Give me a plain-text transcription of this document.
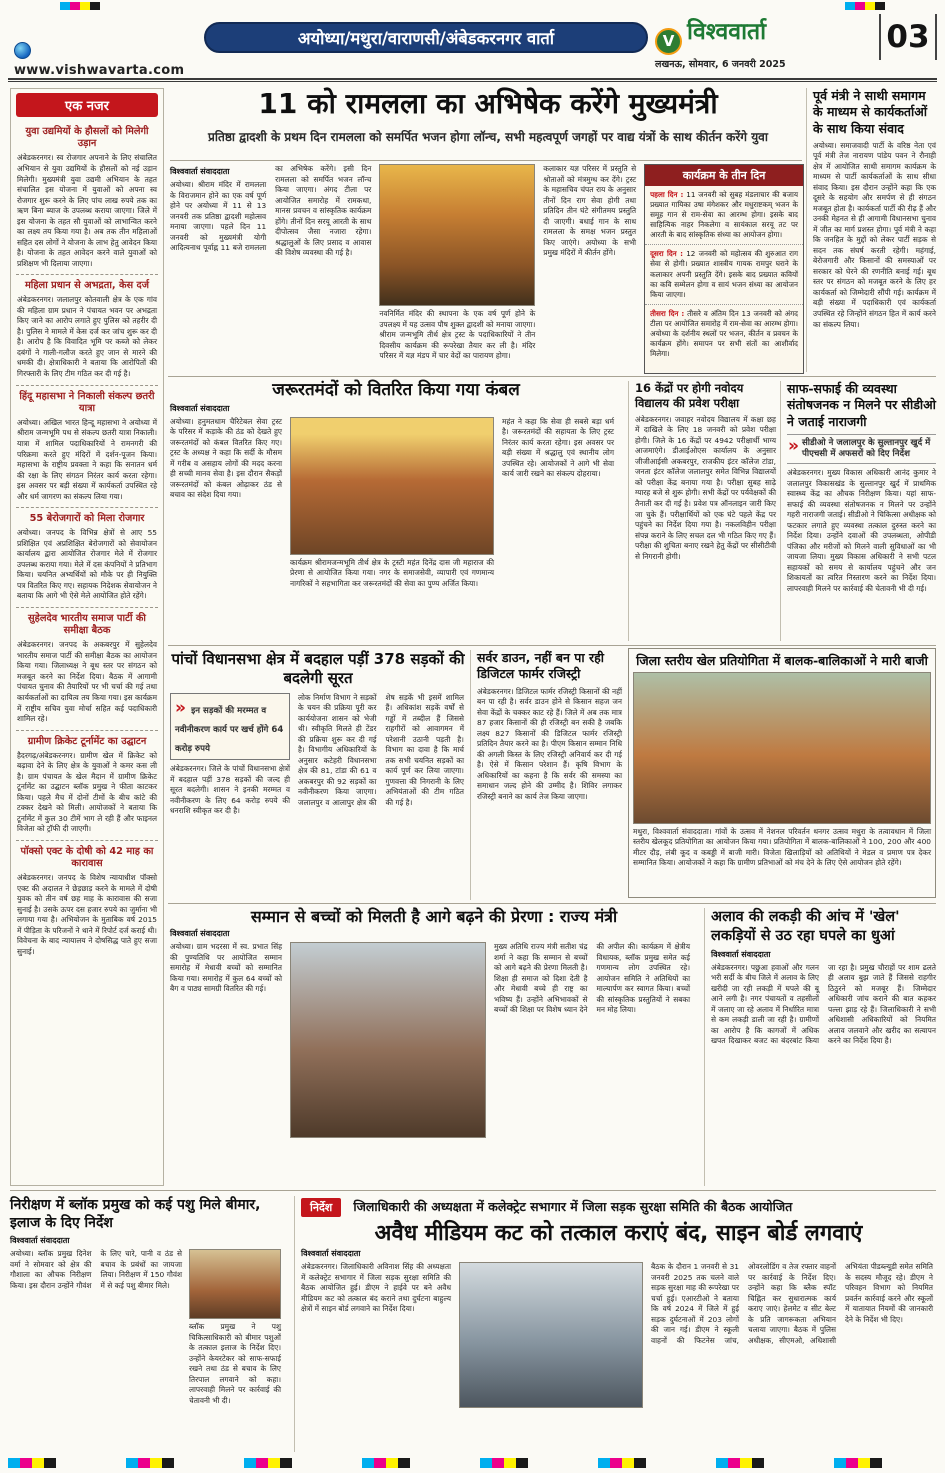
www.vishwavarta.com
अयोध्या/मथुरा/वाराणसी/अंबेडकरनगर वार्ता	V विश्ववार्ता
लखनऊ, सोमवार, 6 जनवरी 2025
03
एक नजर
युवा उद्यमियों के हौसलों को मिलेगी उड़ान
अंबेडकरनगर। स्व रोजगार अपनाने के लिए संचालित अभियान से युवा उद्यमियों के हौसलों को नई उड़ान मिलेगी। मुख्यमंत्री युवा उद्यमी अभियान के तहत संचालित इस योजना में युवाओं को अपना स्व रोजगार शुरू करने के लिए पांच लाख रुपये तक का ऋण बिना ब्याज के उपलब्ध कराया जाएगा। जिले में इस योजना के तहत सौ युवाओं को लाभान्वित करने का लक्ष्य तय किया गया है। अब तक तीन महिलाओं सहित दस लोगों ने योजना के लाभ हेतु आवेदन किया है। योजना के तहत आवेदन करने वाले युवाओं को प्रशिक्षण भी दिलाया जाएगा।
महिला प्रधान से अभद्रता, केस दर्ज
अंबेडकरनगर। जलालपुर कोतवाली क्षेत्र के एक गांव की महिला ग्राम प्रधान ने पंचायत भवन पर अभद्रता किए जाने का आरोप लगाते हुए पुलिस को तहरीर दी है। पुलिस ने मामले में केस दर्ज कर जांच शुरू कर दी है। आरोप है कि विवादित भूमि पर कब्जे को लेकर दबंगों ने गाली-गलौज करते हुए जान से मारने की धमकी दी। क्षेत्राधिकारी ने बताया कि आरोपितों की गिरफ्तारी के लिए टीम गठित कर दी गई है।
हिंदू महासभा ने निकाली संकल्प छतरी यात्रा
अयोध्या। अखिल भारत हिन्दू महासभा ने अयोध्या में श्रीराम जन्मभूमि पथ से संकल्प छतरी यात्रा निकाली। यात्रा में शामिल पदाधिकारियों ने रामनगरी की परिक्रमा करते हुए मंदिरों में दर्शन-पूजन किया। महासभा के राष्ट्रीय प्रवक्ता ने कहा कि सनातन धर्म की रक्षा के लिए संगठन निरंतर कार्य करता रहेगा। इस अवसर पर बड़ी संख्या में कार्यकर्ता उपस्थित रहे और धर्म जागरण का संकल्प लिया गया।
55 बेरोजगारों को मिला रोजगार
अयोध्या। जनपद के विभिन्न क्षेत्रों से आए 55 प्रशिक्षित एवं अप्रशिक्षित बेरोजगारों को सेवायोजन कार्यालय द्वारा आयोजित रोजगार मेले में रोजगार उपलब्ध कराया गया। मेले में दस कंपनियों ने प्रतिभाग किया। चयनित अभ्यर्थियों को मौके पर ही नियुक्ति पत्र वितरित किए गए। सहायक निदेशक सेवायोजन ने बताया कि आगे भी ऐसे मेले आयोजित होते रहेंगे।
सुहेलदेव भारतीय समाज पार्टी की समीक्षा बैठक
अंबेडकरनगर। जनपद के अकबरपुर में सुहेलदेव भारतीय समाज पार्टी की समीक्षा बैठक का आयोजन किया गया। जिलाध्यक्ष ने बूथ स्तर पर संगठन को मजबूत करने का निर्देश दिया। बैठक में आगामी पंचायत चुनाव की तैयारियों पर भी चर्चा की गई तथा कार्यकर्ताओं का दायित्व तय किया गया। इस कार्यक्रम में राष्ट्रीय सचिव युवा मोर्चा सहित कई पदाधिकारी शामिल रहे।
ग्रामीण क्रिकेट टूर्नामेंट का उद्घाटन
हैदरगढ़/अंबेडकरनगर। ग्रामीण खेल में क्रिकेट को बढ़ावा देने के लिए क्षेत्र के युवाओं ने कमर कस ली है। ग्राम पंचायत के खेल मैदान में ग्रामीण क्रिकेट टूर्नामेंट का उद्घाटन ब्लॉक प्रमुख ने फीता काटकर किया। पहले मैच में दोनों टीमों के बीच कांटे की टक्कर देखने को मिली। आयोजकों ने बताया कि टूर्नामेंट में कुल 30 टीमें भाग ले रही हैं और फाइनल विजेता को ट्रॉफी दी जाएगी।
पॉक्सो एक्ट के दोषी को 42 माह का कारावास
अंबेडकरनगर। जनपद के विशेष न्यायाधीश पॉक्सो एक्ट की अदालत ने छेड़छाड़ करने के मामले में दोषी युवक को तीन वर्ष छह माह के कारावास की सजा सुनाई है। उसके ऊपर दस हजार रुपये का जुर्माना भी लगाया गया है। अभियोजन के मुताबिक वर्ष 2015 में पीड़िता के परिजनों ने थाने में रिपोर्ट दर्ज कराई थी। विवेचना के बाद न्यायालय ने दोषसिद्ध पाते हुए सजा सुनाई।
11 को रामलला का अभिषेक करेंगे मुख्यमंत्री
प्रतिष्ठा द्वादशी के प्रथम दिन रामलला को समर्पित भजन होगा लॉन्च, सभी महत्वपूर्ण जगहों पर वाद्य यंत्रों के साथ कीर्तन करेंगे युवा
विश्ववार्ता संवाददाता
अयोध्या। श्रीराम मंदिर में रामलला के विराजमान होने का एक वर्ष पूर्ण होने पर अयोध्या में 11 से 13 जनवरी तक प्रतिष्ठा द्वादशी महोत्सव मनाया जाएगा। पहले दिन 11 जनवरी को मुख्यमंत्री योगी आदित्यनाथ पूर्वाह्न 11 बजे रामलला का अभिषेक करेंगे। इसी दिन रामलला को समर्पित भजन लॉन्च किया जाएगा। अंगद टीला पर आयोजित समारोह में रामकथा, मानस प्रवचन व सांस्कृतिक कार्यक्रम होंगे। तीनों दिन सरयू आरती के साथ दीपोत्सव जैसा नजारा रहेगा। श्रद्धालुओं के लिए प्रसाद व आवास की विशेष व्यवस्था की गई है।
नवनिर्मित मंदिर की स्थापना के एक वर्ष पूर्ण होने के उपलक्ष्य में यह उत्सव पौष शुक्ल द्वादशी को मनाया जाएगा। श्रीराम जन्मभूमि तीर्थ क्षेत्र ट्रस्ट के पदाधिकारियों ने तीन दिवसीय कार्यक्रम की रूपरेखा तैयार कर ली है। मंदिर परिसर में यज्ञ मंडप में चार वेदों का पारायण होगा।
कलाकार यज्ञ परिसर में प्रस्तुति से श्रोताओं को मंत्रमुग्ध कर देंगे। ट्रस्ट के महासचिव चंपत राय के अनुसार तीनों दिन राग सेवा होगी तथा प्रतिदिन तीन घंटे संगीतमय प्रस्तुति दी जाएगी। बधाई गान के साथ रामलला के समक्ष भजन प्रस्तुत किए जाएंगे। अयोध्या के सभी प्रमुख मंदिरों में कीर्तन होंगे।
कार्यक्रम के तीन दिन
पहला दिन : 11 जनवरी को सुबह मंडलाचार की बजाय प्रख्यात गायिका उषा मंगेशकर और मधुराष्टकम् भजन के समूह गान से राम-सेवा का आरम्भ होगा। इसके बाद साहित्यिक नाहर निकलेगा व सायंकाल सरयू तट पर आरती के बाद सांस्कृतिक संध्या का आयोजन होगा।
दूसरा दिन : 12 जनवरी को महोत्सव की शुरुआत राग सेवा से होगी। प्रख्यात शास्त्रीय गायक रामपुर घराने के कलाकार अपनी प्रस्तुति देंगे। इसके बाद प्रख्यात कवियों का कवि सम्मेलन होगा व सायं भजन संध्या का आयोजन किया जाएगा।
तीसरा दिन : तीसरे व अंतिम दिन 13 जनवरी को अंगद टीला पर आयोजित समारोह में राम-सेवा का आरम्भ होगा। अयोध्या के दर्शनीय स्थलों पर भजन, कीर्तन व प्रवचन के कार्यक्रम होंगे। समापन पर सभी संतों का आशीर्वाद मिलेगा।
पूर्व मंत्री ने साथी समागम के माध्यम से कार्यकर्ताओं के साथ किया संवाद
अयोध्या। समाजवादी पार्टी के वरिष्ठ नेता एवं पूर्व मंत्री तेज नारायण पांडेय पवन ने रौनाही क्षेत्र में आयोजित साथी समागम कार्यक्रम के माध्यम से पार्टी कार्यकर्ताओं के साथ सीधा संवाद किया। इस दौरान उन्होंने कहा कि एक दूसरे के सहयोग और समर्पण से ही संगठन मजबूत होता है। कार्यकर्ता पार्टी की रीढ़ हैं और उनकी मेहनत से ही आगामी विधानसभा चुनाव में जीत का मार्ग प्रशस्त होगा। पूर्व मंत्री ने कहा कि जनहित के मुद्दों को लेकर पार्टी सड़क से सदन तक संघर्ष करती रहेगी। महंगाई, बेरोजगारी और किसानों की समस्याओं पर सरकार को घेरने की रणनीति बनाई गई। बूथ स्तर पर संगठन को मजबूत करने के लिए हर कार्यकर्ता को जिम्मेदारी सौंपी गई। कार्यक्रम में बड़ी संख्या में पदाधिकारी एवं कार्यकर्ता उपस्थित रहे जिन्होंने संगठन हित में कार्य करने का संकल्प लिया।
जरूरतमंदों को वितरित किया गया कंबल
विश्ववार्ता संवाददाता
अयोध्या। हनुमतधाम चैरिटेबल सेवा ट्रस्ट के परिसर में कड़ाके की ठंड को देखते हुए जरूरतमंदों को कंबल वितरित किए गए। ट्रस्ट के अध्यक्ष ने कहा कि सर्दी के मौसम में गरीब व असहाय लोगों की मदद करना ही सच्ची मानव सेवा है। इस दौरान सैकड़ों जरूरतमंदों को कंबल ओढ़ाकर ठंड से बचाव का संदेश दिया गया।
कार्यक्रम श्रीरामजन्मभूमि तीर्थ क्षेत्र के ट्रस्टी महंत दिनेंद्र दास जी महाराज की प्रेरणा से आयोजित किया गया। नगर के समाजसेवी, व्यापारी एवं गणमान्य नागरिकों ने सहभागिता कर जरूरतमंदों की सेवा का पुण्य अर्जित किया।
महंत ने कहा कि सेवा ही सबसे बड़ा धर्म है। जरूरतमंदों की सहायता के लिए ट्रस्ट निरंतर कार्य करता रहेगा। इस अवसर पर बड़ी संख्या में श्रद्धालु एवं स्थानीय लोग उपस्थित रहे। आयोजकों ने आगे भी सेवा कार्य जारी रखने का संकल्प दोहराया।
16 केंद्रों पर होगी नवोदय विद्यालय की प्रवेश परीक्षा
अंबेडकरनगर। जवाहर नवोदय विद्यालय में कक्षा छह में दाखिले के लिए 18 जनवरी को प्रवेश परीक्षा होगी। जिले के 16 केंद्रों पर 4942 परीक्षार्थी भाग्य आजमाएंगे। डीआईओएस कार्यालय के अनुसार जीजीआईसी अकबरपुर, राजकीय इंटर कॉलेज टांडा, जनता इंटर कॉलेज जलालपुर समेत विभिन्न विद्यालयों को परीक्षा केंद्र बनाया गया है। परीक्षा सुबह साढ़े ग्यारह बजे से शुरू होगी। सभी केंद्रों पर पर्यवेक्षकों की तैनाती कर दी गई है। प्रवेश पत्र ऑनलाइन जारी किए जा चुके हैं। परीक्षार्थियों को एक घंटे पहले केंद्र पर पहुंचने का निर्देश दिया गया है। नकलविहीन परीक्षा संपन्न कराने के लिए सचल दल भी गठित किए गए हैं। परीक्षा की शुचिता बनाए रखने हेतु केंद्रों पर सीसीटीवी से निगरानी होगी।
साफ-सफाई की व्यवस्था संतोषजनक न मिलने पर सीडीओ ने जताई नाराजगी
» सीडीओ ने जलालपुर के सुल्तानपुर खुर्द में पीएचसी में अफसरों को दिए निर्देश
अंबेडकरनगर। मुख्य विकास अधिकारी आनंद कुमार ने जलालपुर विकासखंड के सुल्तानपुर खुर्द में प्राथमिक स्वास्थ्य केंद्र का औचक निरीक्षण किया। यहां साफ-सफाई की व्यवस्था संतोषजनक न मिलने पर उन्होंने गहरी नाराजगी जताई। सीडीओ ने चिकित्सा अधीक्षक को फटकार लगाते हुए व्यवस्था तत्काल दुरुस्त करने का निर्देश दिया। उन्होंने दवाओं की उपलब्धता, ओपीडी पंजिका और मरीजों को मिलने वाली सुविधाओं का भी जायजा लिया। मुख्य विकास अधिकारी ने सभी पटल सहायकों को समय से कार्यालय पहुंचने और जन शिकायतों का त्वरित निस्तारण करने का निर्देश दिया। लापरवाही मिलने पर कार्रवाई की चेतावनी भी दी गई।
पांचों विधानसभा क्षेत्र में बदहाल पड़ीं 378 सड़कों की बदलेगी सूरत
» इन सड़कों की मरम्मत व नवीनीकरण कार्य पर खर्च होंगे 64 करोड़ रुपये
अंबेडकरनगर। जिले के पांचों विधानसभा क्षेत्रों में बदहाल पड़ीं 378 सड़कों की जल्द ही सूरत बदलेगी। शासन ने इनकी मरम्मत व नवीनीकरण के लिए 64 करोड़ रुपये की धनराशि स्वीकृत कर दी है।
लोक निर्माण विभाग ने सड़कों के चयन की प्रक्रिया पूरी कर कार्ययोजना शासन को भेजी थी। स्वीकृति मिलते ही टेंडर की प्रक्रिया शुरू कर दी गई है। विभागीय अधिकारियों के अनुसार कटेहरी विधानसभा क्षेत्र की 81, टांडा की 61 व अकबरपुर की 92 सड़कों का नवीनीकरण किया जाएगा। जलालपुर व आलापुर क्षेत्र की शेष सड़कें भी इसमें शामिल हैं। अधिकांश सड़कें वर्षों से गड्ढों में तब्दील हैं जिससे राहगीरों को आवागमन में परेशानी उठानी पड़ती है। विभाग का दावा है कि मार्च तक सभी चयनित सड़कों का कार्य पूर्ण कर लिया जाएगा। गुणवत्ता की निगरानी के लिए अभियंताओं की टीम गठित की गई है।
सर्वर डाउन, नहीं बन पा रही डिजिटल फार्मर रजिस्ट्री
अंबेडकरनगर। डिजिटल फार्मर रजिस्ट्री किसानों की नहीं बन पा रही है। सर्वर डाउन होने से किसान सहज जन सेवा केंद्रों के चक्कर काट रहे हैं। जिले में अब तक मात्र 87 हजार किसानों की ही रजिस्ट्री बन सकी है जबकि लक्ष्य 827 किसानों की डिजिटल फार्मर रजिस्ट्री प्रतिदिन तैयार करने का है। पीएम किसान सम्मान निधि की अगली किस्त के लिए रजिस्ट्री अनिवार्य कर दी गई है। ऐसे में किसान परेशान हैं। कृषि विभाग के अधिकारियों का कहना है कि सर्वर की समस्या का समाधान जल्द होने की उम्मीद है। शिविर लगाकर रजिस्ट्री बनाने का कार्य तेज किया जाएगा।
जिला स्तरीय खेल प्रतियोगिता में बालक-बालिकाओं ने मारी बाजी
मथुरा, विश्ववार्ता संवाददाता। गांवों के उत्सव में नेशनल परिवर्तन थनगर उत्सव मथुरा के तत्वावधान में जिला स्तरीय खेलकूद प्रतियोगिता का आयोजन किया गया। प्रतियोगिता में बालक-बालिकाओं ने 100, 200 और 400 मीटर दौड़, लंबी कूद व कबड्डी में बाजी मारी। विजेता खिलाड़ियों को अतिथियों ने मेडल व प्रमाण पत्र देकर सम्मानित किया। आयोजकों ने कहा कि ग्रामीण प्रतिभाओं को मंच देने के लिए ऐसे आयोजन होते रहेंगे।
सम्मान से बच्चों को मिलती है आगे बढ़ने की प्रेरणा : राज्य मंत्री
विश्ववार्ता संवाददाता
अयोध्या। ग्राम भदरसा में स्व. प्रभात सिंह की पुण्यतिथि पर आयोजित सम्मान समारोह में मेधावी बच्चों को सम्मानित किया गया। समारोह में कुल 64 बच्चों को बैग व पाठ्य सामग्री वितरित की गई।
मुख्य अतिथि राज्य मंत्री सतीश चंद्र शर्मा ने कहा कि सम्मान से बच्चों को आगे बढ़ने की प्रेरणा मिलती है। शिक्षा ही समाज को दिशा देती है और मेधावी बच्चे ही राष्ट्र का भविष्य हैं। उन्होंने अभिभावकों से बच्चों की शिक्षा पर विशेष ध्यान देने की अपील की। कार्यक्रम में क्षेत्रीय विधायक, ब्लॉक प्रमुख समेत कई गणमान्य लोग उपस्थित रहे। आयोजन समिति ने अतिथियों का माल्यार्पण कर स्वागत किया। बच्चों की सांस्कृतिक प्रस्तुतियों ने सबका मन मोह लिया।
अलाव की लकड़ी की आंच में 'खेल' लकड़ियों से उठ रहा घपले का धुआं
विश्ववार्ता संवाददाता
अंबेडकरनगर। पछुआ हवाओं और गलन भरी सर्दी के बीच जिले में अलाव के लिए खरीदी जा रही लकड़ी में घपले की बू आने लगी है। नगर पंचायतों व तहसीलों में जलाए जा रहे अलाव में निर्धारित मात्रा से कम लकड़ी डाली जा रही है। ग्रामीणों का आरोप है कि कागजों में अधिक खपत दिखाकर बजट का बंदरबांट किया जा रहा है। प्रमुख चौराहों पर शाम ढलते ही अलाव बुझ जाते हैं जिससे राहगीर ठिठुरने को मजबूर हैं। जिम्मेदार अधिकारी जांच कराने की बात कहकर पल्ला झाड़ रहे हैं। जिलाधिकारी ने सभी अधिशासी अधिकारियों को नियमित अलाव जलवाने और खरीद का सत्यापन करने का निर्देश दिया है।
निरीक्षण में ब्लॉक प्रमुख को कई पशु मिले बीमार, इलाज के दिए निर्देश
विश्ववार्ता संवाददाता
अयोध्या। ब्लॉक प्रमुख दिनेश वर्मा ने सोमवार को क्षेत्र की गौशाला का औचक निरीक्षण किया। इस दौरान उन्होंने गौवंश के लिए चारे, पानी व ठंड से बचाव के प्रबंधों का जायजा लिया। निरीक्षण में 150 गौवंश में से कई पशु बीमार मिले।
ब्लॉक प्रमुख ने पशु चिकित्साधिकारी को बीमार पशुओं के तत्काल इलाज के निर्देश दिए। उन्होंने केयरटेकर को साफ-सफाई रखने तथा ठंड से बचाव के लिए तिरपाल लगवाने को कहा। लापरवाही मिलने पर कार्रवाई की चेतावनी भी दी।
निर्देश जिलाधिकारी की अध्यक्षता में कलेक्ट्रेट सभागार में जिला सड़क सुरक्षा समिति की बैठक आयोजित
अवैध मीडियम कट को तत्काल कराएं बंद, साइन बोर्ड लगवाएं
विश्ववार्ता संवाददाता
अंबेडकरनगर। जिलाधिकारी अविनाश सिंह की अध्यक्षता में कलेक्ट्रेट सभागार में जिला सड़क सुरक्षा समिति की बैठक आयोजित हुई। डीएम ने हाईवे पर बने अवैध मीडियम कट को तत्काल बंद कराने तथा दुर्घटना बाहुल्य क्षेत्रों में साइन बोर्ड लगवाने का निर्देश दिया।
बैठक के दौरान 1 जनवरी से 31 जनवरी 2025 तक चलने वाले सड़क सुरक्षा माह की रूपरेखा पर चर्चा हुई। एआरटीओ ने बताया कि वर्ष 2024 में जिले में हुई सड़क दुर्घटनाओं में 203 लोगों की जान गई। डीएम ने स्कूली वाहनों की फिटनेस जांच, ओवरलोडिंग व तेज रफ्तार वाहनों पर कार्रवाई के निर्देश दिए। उन्होंने कहा कि ब्लैक स्पॉट चिह्नित कर सुधारात्मक कार्य कराए जाएं। हेलमेट व सीट बेल्ट के प्रति जागरूकता अभियान चलाया जाएगा। बैठक में पुलिस अधीक्षक, सीएमओ, अधिशासी अभियंता पीडब्ल्यूडी समेत समिति के सदस्य मौजूद रहे। डीएम ने परिवहन विभाग को नियमित प्रवर्तन कार्रवाई करने और स्कूलों में यातायात नियमों की जानकारी देने के निर्देश भी दिए।
